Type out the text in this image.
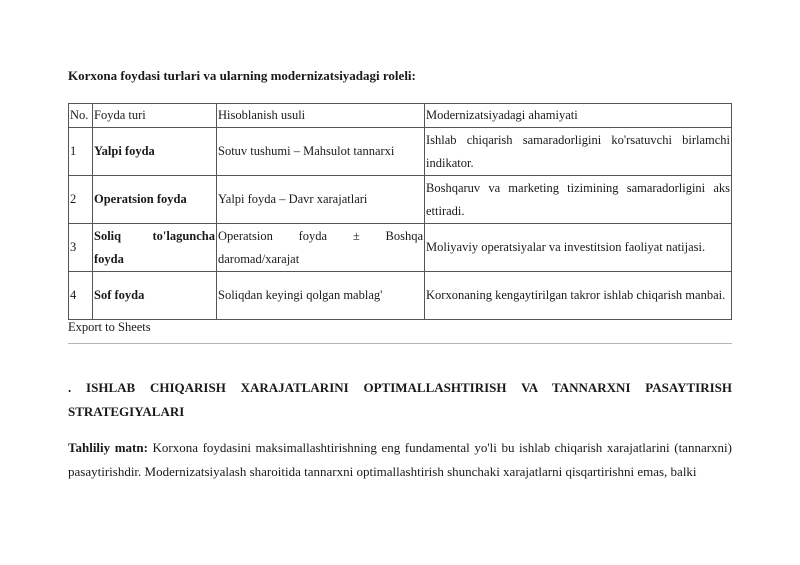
Korxona foydasi turlari va ularning modernizatsiyadagi roleli:
No.	Foyda turi	Hisoblanish usuli	Modernizatsiyadagi ahamiyati
1	Yalpi foyda	Sotuv tushumi – Mahsulot tannarxi	Ishlab chiqarish samaradorligini ko'rsatuvchi birlamchi indikator.
2	Operatsion foyda	Yalpi foyda – Davr xarajatlari	Boshqaruv va marketing tizimining samaradorligini aks ettiradi.
3	Soliq to'laguncha foyda	Operatsion foyda ± Boshqa daromad/xarajat	Moliyaviy operatsiyalar va investitsion faoliyat natijasi.
4	Sof foyda	Soliqdan keyingi qolgan mablag'	Korxonaning kengaytirilgan takror ishlab chiqarish manbai.
Export to Sheets
. ISHLAB CHIQARISH XARAJATLARINI OPTIMALLASHTIRISH VA TANNARXNI PASAYTIRISH STRATEGIYALARI
Tahliliy matn: Korxona foydasini maksimallashtirishning eng fundamental yo'li bu ishlab chiqarish xarajatlarini (tannarxni) pasaytirishdir. Modernizatsiyalash sharoitida tannarxni optimallashtirish shunchaki xarajatlarni qisqartirishni emas, balki
